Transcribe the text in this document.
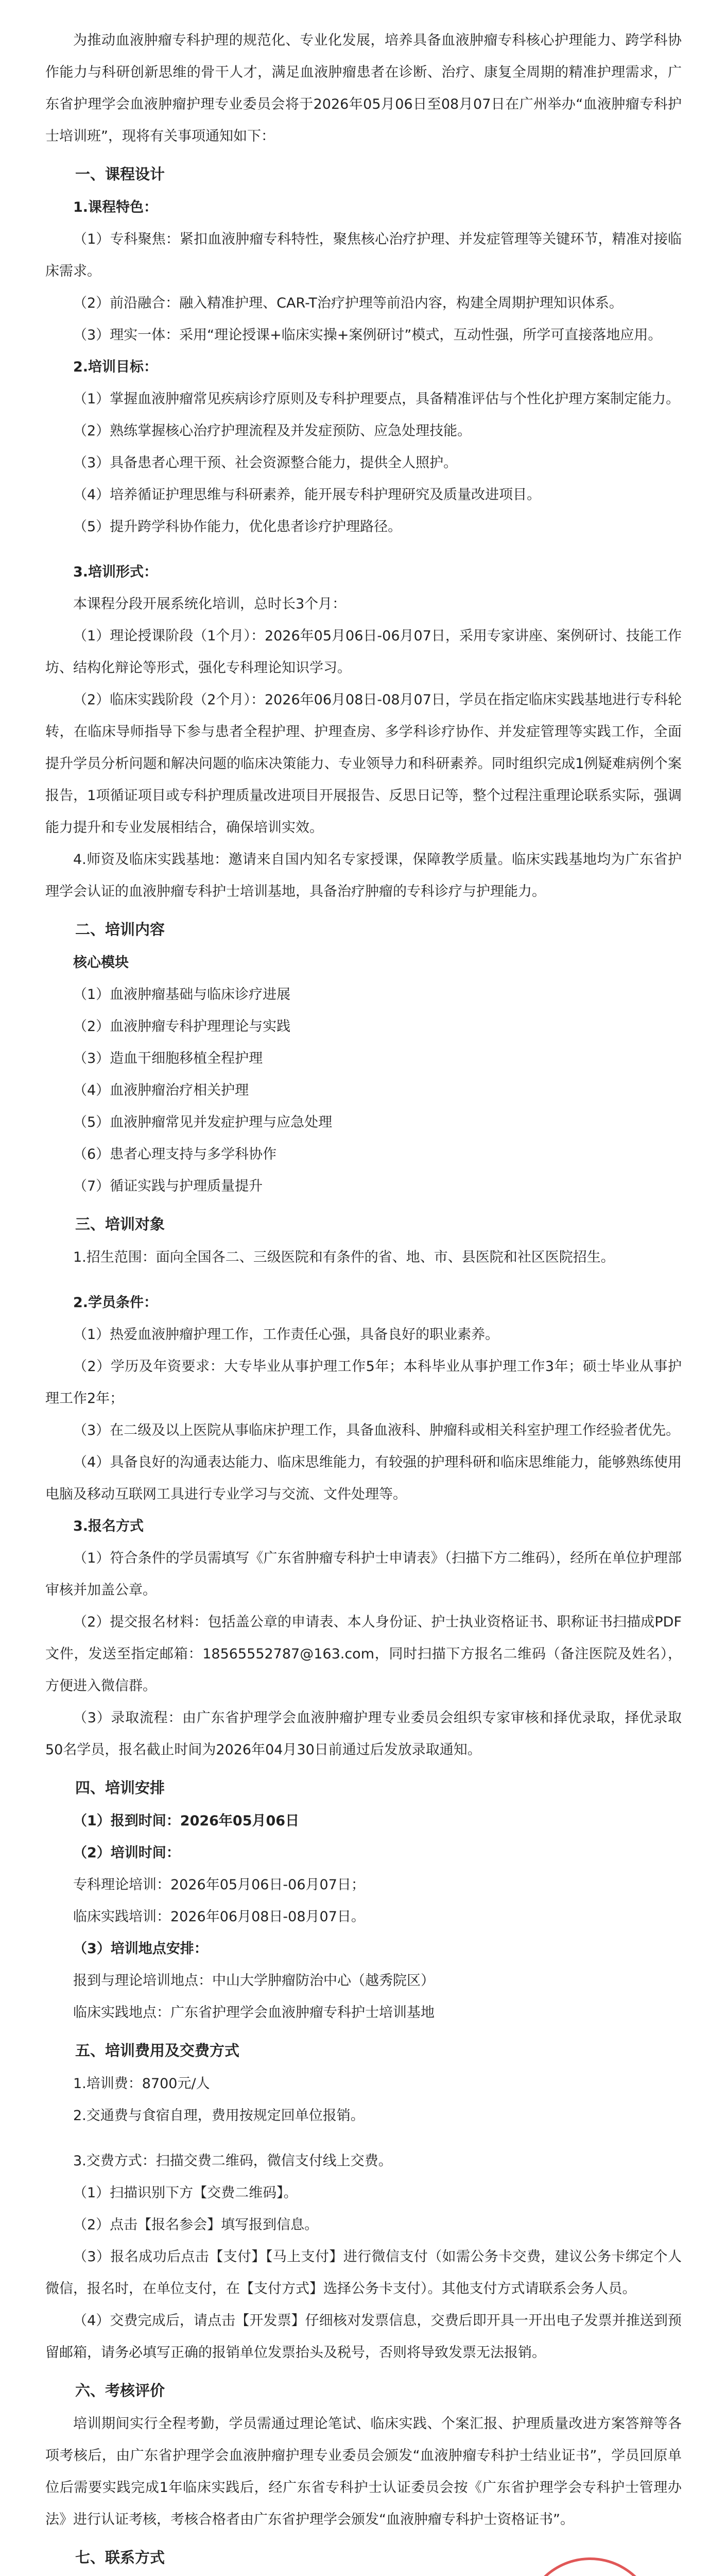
为推动血液肿瘤专科护理的规范化、专业化发展，培养具备血液肿瘤专科核心护理能力、跨学科协作能力与科研创新思维的骨干人才，满足血液肿瘤患者在诊断、治疗、康复全周期的精准护理需求，广东省护理学会血液肿瘤护理专业委员会将于2026年05月06日至08月07日在广州举办“血液肿瘤专科护士培训班”，现将有关事项通知如下：

一、课程设计
1.课程特色：

（1）专科聚焦：紧扣血液肿瘤专科特性，聚焦核心治疗护理、并发症管理等关键环节，精准对接临床需求。

（2）前沿融合：融入精准护理、CAR-T治疗护理等前沿内容，构建全周期护理知识体系。

（3）理实一体：采用“理论授课+临床实操+案例研讨”模式，互动性强，所学可直接落地应用。

2.培训目标：

（1）掌握血液肿瘤常见疾病诊疗原则及专科护理要点，具备精准评估与个性化护理方案制定能力。

（2）熟练掌握核心治疗护理流程及并发症预防、应急处理技能。

（3）具备患者心理干预、社会资源整合能力，提供全人照护。

（4）培养循证护理思维与科研素养，能开展专科护理研究及质量改进项目。

（5）提升跨学科协作能力，优化患者诊疗护理路径。

3.培训形式：

本课程分段开展系统化培训，总时长3个月：

（1）理论授课阶段（1个月）：2026年05月06日-06月07日，采用专家讲座、案例研讨、技能工作坊、结构化辩论等形式，强化专科理论知识学习。

（2）临床实践阶段（2个月）：2026年06月08日-08月07日，学员在指定临床实践基地进行专科轮转，在临床导师指导下参与患者全程护理、护理查房、多学科诊疗协作、并发症管理等实践工作，全面提升学员分析问题和解决问题的临床决策能力、专业领导力和科研素养。同时组织完成1例疑难病例个案报告，1项循证项目或专科护理质量改进项目开展报告、反思日记等，整个过程注重理论联系实际，强调能力提升和专业发展相结合，确保培训实效。

4.师资及临床实践基地：邀请来自国内知名专家授课，保障教学质量。临床实践基地均为广东省护理学会认证的血液肿瘤专科护士培训基地，具备治疗肿瘤的专科诊疗与护理能力。

二、培训内容
核心模块

（1）血液肿瘤基础与临床诊疗进展

（2）血液肿瘤专科护理理论与实践

（3）造血干细胞移植全程护理

（4）血液肿瘤治疗相关护理

（5）血液肿瘤常见并发症护理与应急处理

（6）患者心理支持与多学科协作

（7）循证实践与护理质量提升

三、培训对象

1.招生范围：面向全国各二、三级医院和有条件的省、地、市、县医院和社区医院招生。

2.学员条件：

（1）热爱血液肿瘤护理工作，工作责任心强，具备良好的职业素养。

（2）学历及年资要求：大专毕业从事护理工作5年；本科毕业从事护理工作3年；硕士毕业从事护理工作2年；

（3）在二级及以上医院从事临床护理工作，具备血液科、肿瘤科或相关科室护理工作经验者优先。

（4）具备良好的沟通表达能力、临床思维能力，有较强的护理科研和临床思维能力，能够熟练使用电脑及移动互联网工具进行专业学习与交流、文件处理等。

3.报名方式

（1）符合条件的学员需填写《广东省肿瘤专科护士申请表》（扫描下方二维码），经所在单位护理部审核并加盖公章。

（2）提交报名材料：包括盖公章的申请表、本人身份证、护士执业资格证书、职称证书扫描成PDF文件，发送至指定邮箱：18565552787@163.com，同时扫描下方报名二维码（备注医院及姓名），方便进入微信群。

（3）录取流程：由广东省护理学会血液肿瘤护理专业委员会组织专家审核和择优录取，择优录取50名学员，报名截止时间为2026年04月30日前通过后发放录取通知。

四、培训安排
（1）报到时间：2026年05月06日
（2）培训时间：

专科理论培训：2026年05月06日-06月07日；

临床实践培训：2026年06月08日-08月07日。

（3）培训地点安排：

报到与理论培训地点：中山大学肿瘤防治中心（越秀院区）

临床实践地点：广东省护理学会血液肿瘤专科护士培训基地

五、培训费用及交费方式

1.培训费：8700元/人

2.交通费与食宿自理，费用按规定回单位报销。

3.交费方式：扫描交费二维码，微信支付线上交费。

（1）扫描识别下方【交费二维码】。

（2）点击【报名参会】填写报到信息。

（3）报名成功后点击【支付】【马上支付】进行微信支付（如需公务卡交费，建议公务卡绑定个人微信，报名时，在单位支付，在【支付方式】选择公务卡支付）。其他支付方式请联系会务人员。

（4）交费完成后，请点击【开发票】仔细核对发票信息，交费后即开具一开出电子发票并推送到预留邮箱，请务必填写正确的报销单位发票抬头及税号，否则将导致发票无法报销。

六、考核评价

培训期间实行全程考勤，学员需通过理论笔试、临床实践、个案汇报、护理质量改进方案答辩等各项考核后，由广东省护理学会血液肿瘤护理专业委员会颁发“血液肿瘤专科护士结业证书”，学员回原单位后需要实践完成1年临床实践后，经广东省专科护士认证委员会按《广东省护理学会专科护士管理办法》进行认证考核，考核合格者由广东省护理学会颁发“血液肿瘤专科护士资格证书”。

七、联系方式
